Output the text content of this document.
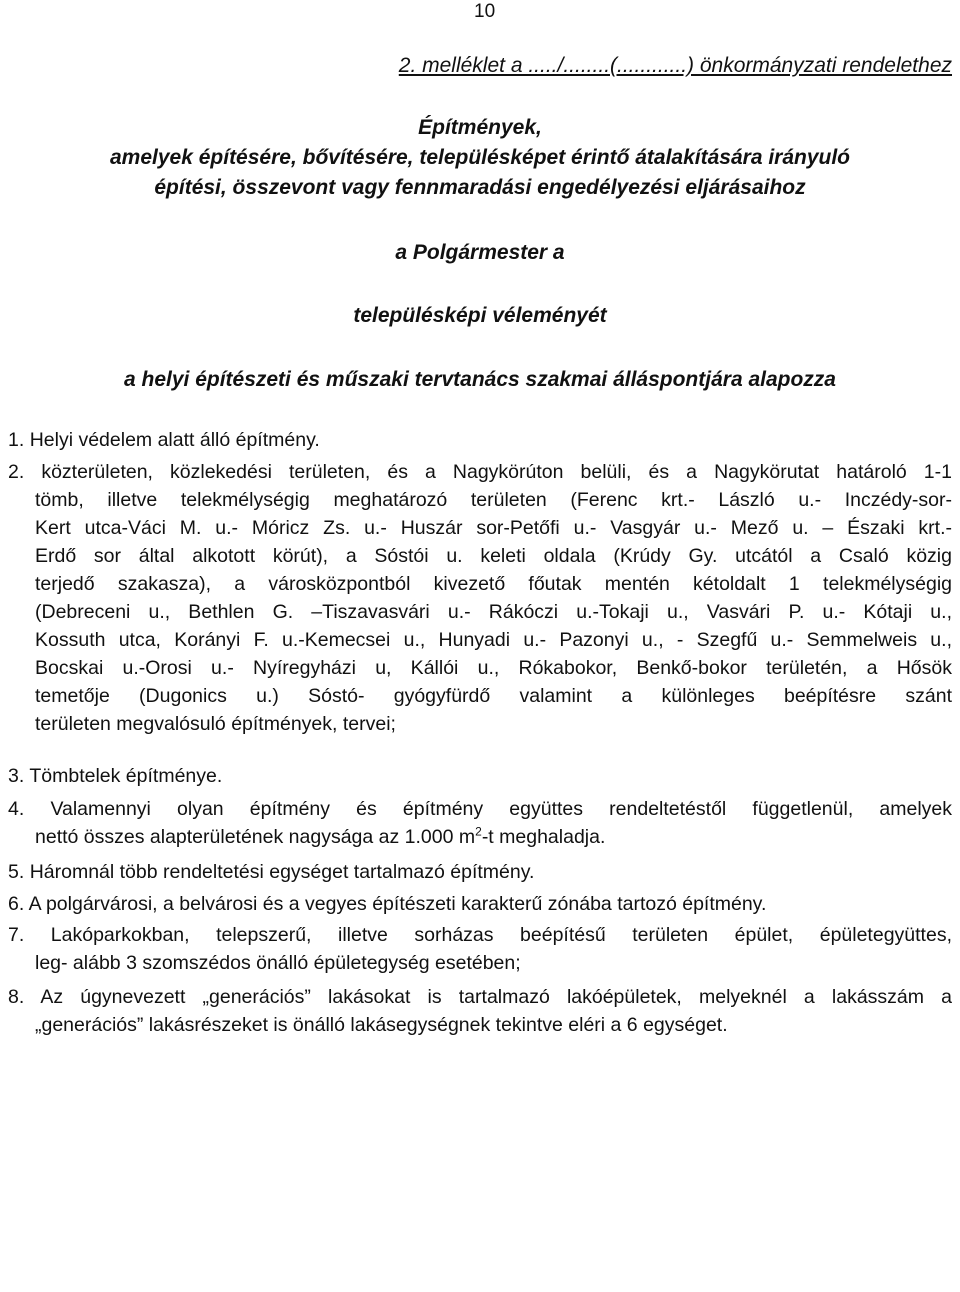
10
2. melléklet a ...../........(............) önkormányzati rendelethez
Építmények,
amelyek építésére, bővítésére, településképet érintő átalakítására irányuló
építési, összevont vagy fennmaradási engedélyezési eljárásaihoz
a Polgármester a
településképi véleményét
a helyi építészeti és műszaki tervtanács szakmai álláspontjára alapozza
1. Helyi védelem alatt álló építmény.
2. közterületen, közlekedési területen, és a Nagykörúton belüli, és a Nagykörutat határoló 1-1
tömb, illetve telekmélységig meghatározó területen (Ferenc krt.- László u.- Inczédy-sor-
Kert utca-Váci M. u.- Móricz Zs. u.- Huszár sor-Petőfi u.- Vasgyár u.- Mező u. – Északi krt.-
Erdő sor által alkotott körút), a Sóstói u. keleti oldala (Krúdy Gy. utcától a Csaló közig
terjedő szakasza), a városközpontból kivezető főutak mentén kétoldalt 1 telekmélységig
(Debreceni u., Bethlen G. –Tiszavasvári u.- Rákóczi u.-Tokaji u., Vasvári P. u.- Kótaji u.,
Kossuth utca, Korányi F. u.-Kemecsei u., Hunyadi u.- Pazonyi u., - Szegfű u.- Semmelweis u.,
Bocskai u.-Orosi u.- Nyíregyházi u, Kállói u., Rókabokor, Benkő-bokor területén, a Hősök
temetője (Dugonics u.) Sóstó- gyógyfürdő valamint a különleges beépítésre szánt
területen megvalósuló építmények, tervei;
3. Tömbtelek építménye.
4. Valamennyi olyan építmény és építmény együttes rendeltetéstől függetlenül, amelyek
nettó összes alapterületének nagysága az 1.000 $m^2-t$ meghaladja.
5. Háromnál több rendeltetési egységet tartalmazó építmény.
6. A polgárvárosi, a belvárosi és a vegyes építészeti karakterű zónába tartozó építmény.
7. Lakóparkokban, telepszerű, illetve sorházas beépítésű területen épület, épületegyüttes,
leg- alább 3 szomszédos önálló épületegység esetében;
8. Az úgynevezett „generációs” lakásokat is tartalmazó lakóépületek, melyeknél a lakásszám a
„generációs” lakásrészeket is önálló lakásegységnek tekintve eléri a 6 egységet.
